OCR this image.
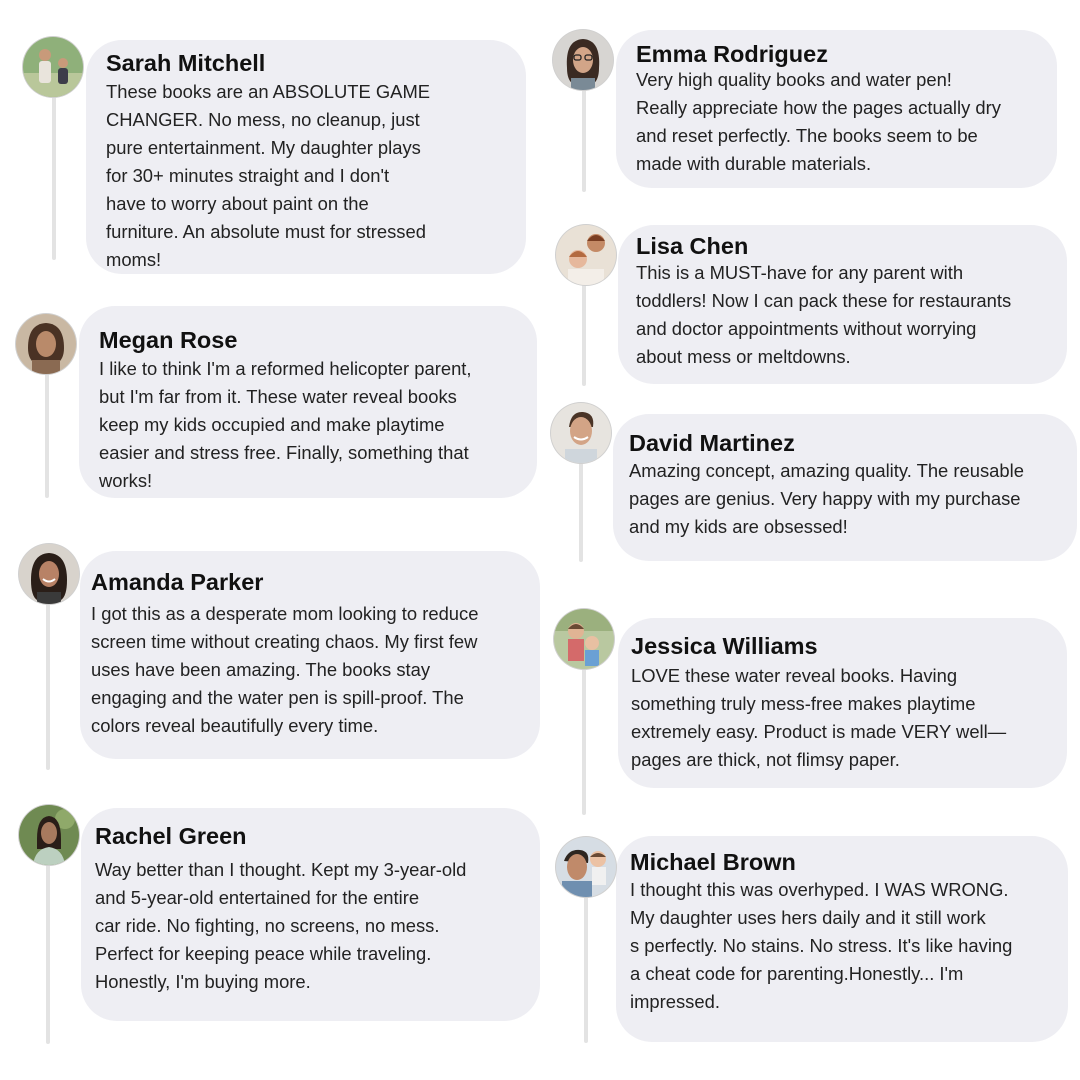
Sarah Mitchell
These books are an ABSOLUTE GAME
CHANGER. No mess, no cleanup, just
pure entertainment. My daughter plays
for 30+ minutes straight and I don't
have to worry about paint on the
furniture. An absolute must for stressed
moms!
Megan Rose
I like to think I'm a reformed helicopter parent,
but I'm far from it. These water reveal books
keep my kids occupied and make playtime
easier and stress free. Finally, something that
works!
Amanda Parker
I got this as a desperate mom looking to reduce
screen time without creating chaos. My first few
uses have been amazing. The books stay
engaging and the water pen is spill-proof. The
colors reveal beautifully every time.
Rachel Green
Way better than I thought. Kept my 3-year-old
and 5-year-old entertained for the entire
car ride. No fighting, no screens, no mess.
Perfect for keeping peace while traveling.
Honestly, I'm buying more.
Emma Rodriguez
Very high quality books and water pen!
Really appreciate how the pages actually dry
and reset perfectly. The books seem to be
made with durable materials.
Lisa Chen
This is a MUST-have for any parent with
toddlers! Now I can pack these for restaurants
and doctor appointments without worrying
about mess or meltdowns.
David Martinez
Amazing concept, amazing quality. The reusable
pages are genius. Very happy with my purchase
and my kids are obsessed!
Jessica Williams
LOVE these water reveal books. Having
something truly mess-free makes playtime
extremely easy. Product is made VERY well—
pages are thick, not flimsy paper.
Michael Brown
I thought this was overhyped. I WAS WRONG.
My daughter uses hers daily and it still work
s perfectly. No stains. No stress. It's like having
a cheat code for parenting.Honestly... I'm
impressed.
